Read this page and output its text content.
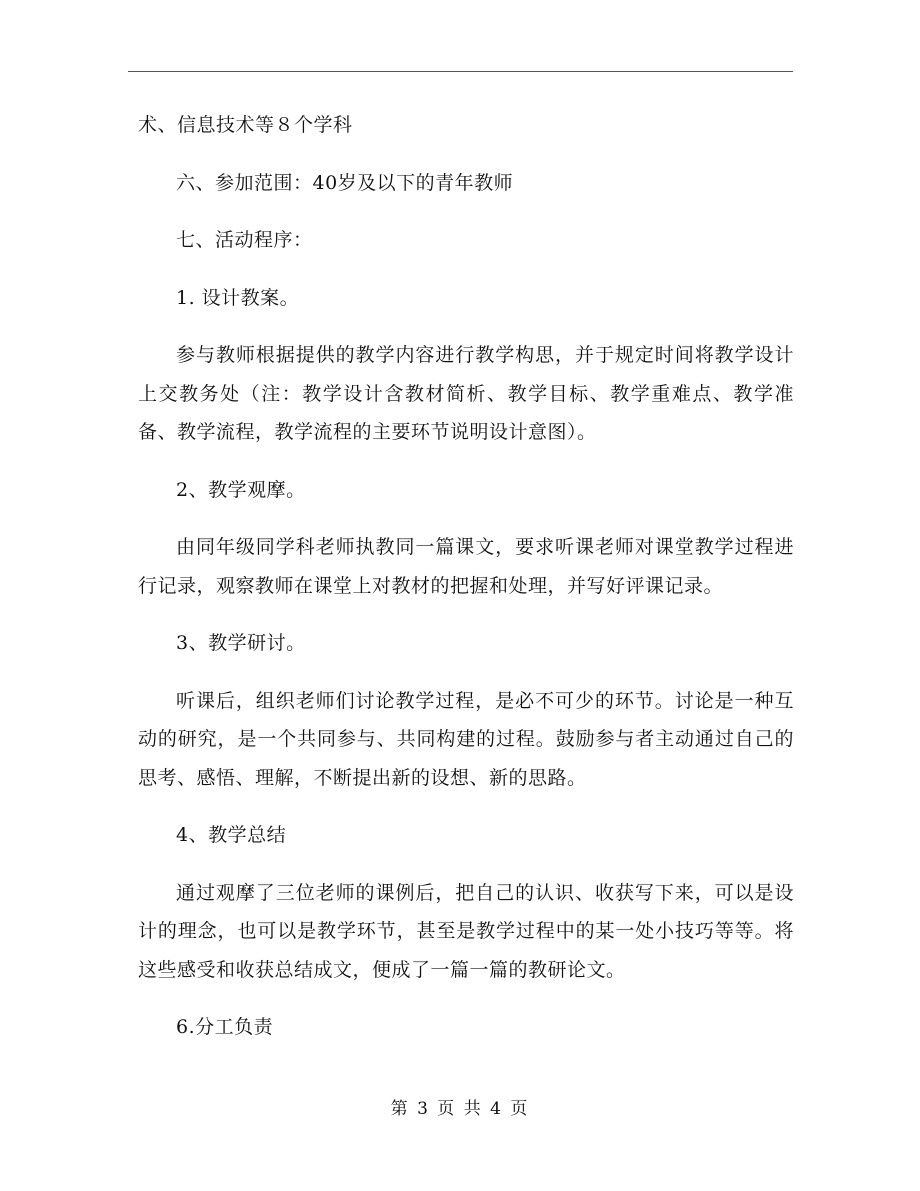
术、信息技术等８个学科

六、参加范围：40岁及以下的青年教师

七、活动程序：

1. 设计教案。

参与教师根据提供的教学内容进行教学构思，并于规定时间将教学设计上交教务处（注：教学设计含教材简析、教学目标、教学重难点、教学准备、教学流程，教学流程的主要环节说明设计意图）。

2、教学观摩。

由同年级同学科老师执教同一篇课文，要求听课老师对课堂教学过程进行记录，观察教师在课堂上对教材的把握和处理，并写好评课记录。

3、教学研讨。

听课后，组织老师们讨论教学过程，是必不可少的环节。讨论是一种互动的研究，是一个共同参与、共同构建的过程。鼓励参与者主动通过自己的思考、感悟、理解，不断提出新的设想、新的思路。

4、教学总结

通过观摩了三位老师的课例后，把自己的认识、收获写下来，可以是设计的理念，也可以是教学环节，甚至是教学过程中的某一处小技巧等等。将这些感受和收获总结成文，便成了一篇一篇的教研论文。

6.分工负责

第 3 页 共 4 页
